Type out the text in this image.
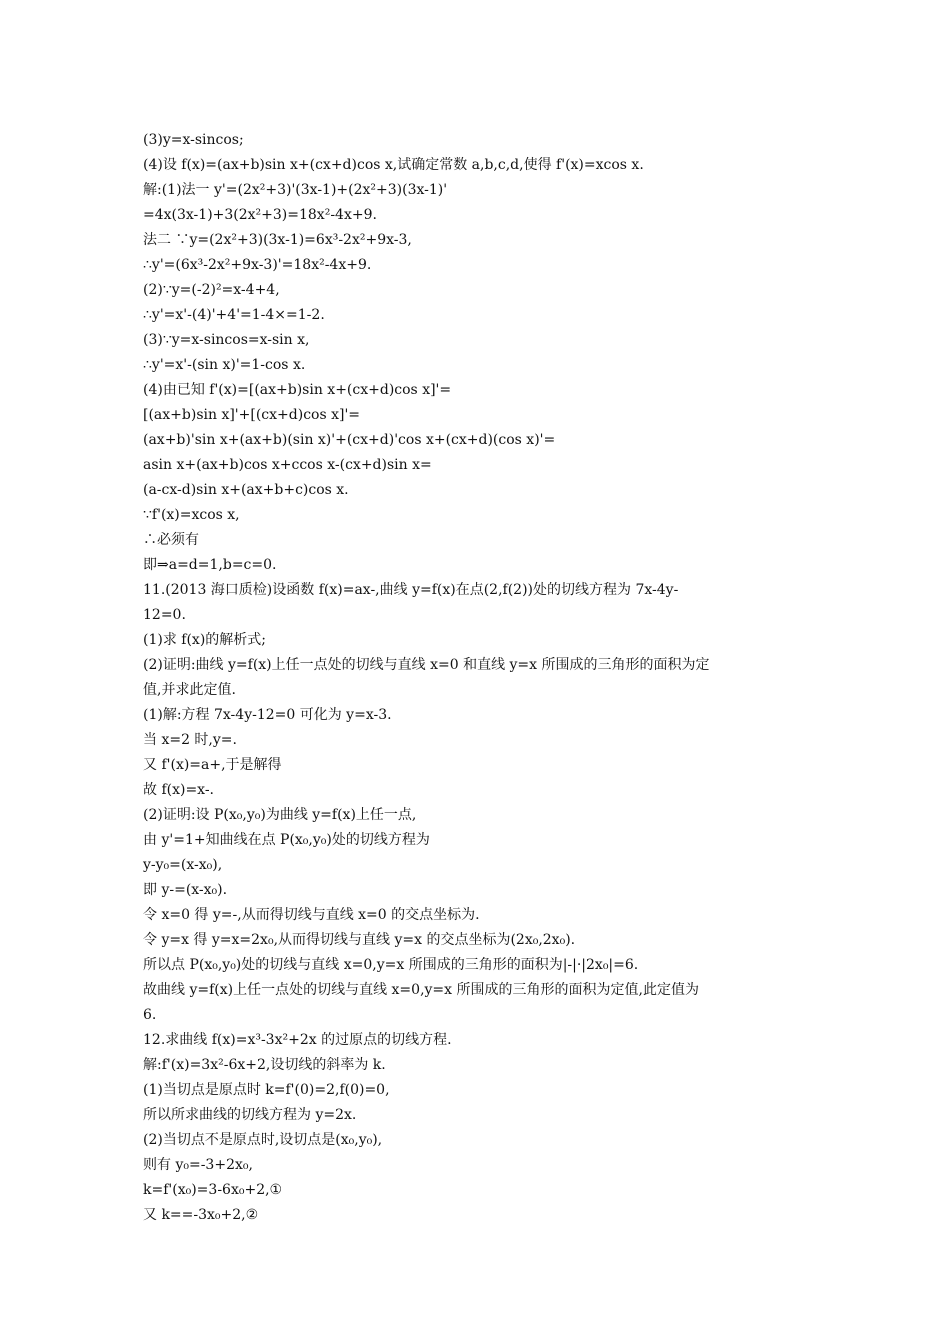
(3)y=x-sincos;
(4)设 f(x)=(ax+b)sin x+(cx+d)cos x,试确定常数 a,b,c,d,使得 f'(x)=xcos x.
解:(1)法一 y'=(2x²+3)'(3x-1)+(2x²+3)(3x-1)'
=4x(3x-1)+3(2x²+3)=18x²-4x+9.
法二 ∵y=(2x²+3)(3x-1)=6x³-2x²+9x-3,
∴y'=(6x³-2x²+9x-3)'=18x²-4x+9.
(2)∵y=(-2)²=x-4+4,
∴y'=x'-(4)'+4'=1-4×=1-2.
(3)∵y=x-sincos=x-sin x,
∴y'=x'-(sin x)'=1-cos x.
(4)由已知 f'(x)=[(ax+b)sin x+(cx+d)cos x]'=
[(ax+b)sin x]'+[(cx+d)cos x]'=
(ax+b)'sin x+(ax+b)(sin x)'+(cx+d)'cos x+(cx+d)(cos x)'=
asin x+(ax+b)cos x+ccos x-(cx+d)sin x=
(a-cx-d)sin x+(ax+b+c)cos x.
∵f'(x)=xcos x,
∴必须有
即⇒a=d=1,b=c=0.
11.(2013 海口质检)设函数 f(x)=ax-,曲线 y=f(x)在点(2,f(2))处的切线方程为 7x-4y-
12=0.
(1)求 f(x)的解析式;
(2)证明:曲线 y=f(x)上任一点处的切线与直线 x=0 和直线 y=x 所围成的三角形的面积为定
值,并求此定值.
(1)解:方程 7x-4y-12=0 可化为 y=x-3.
当 x=2 时,y=.
又 f'(x)=a+,于是解得
故 f(x)=x-.
(2)证明:设 P(x₀,y₀)为曲线 y=f(x)上任一点,
由 y'=1+知曲线在点 P(x₀,y₀)处的切线方程为
y-y₀=(x-x₀),
即 y-=(x-x₀).
令 x=0 得 y=-,从而得切线与直线 x=0 的交点坐标为.
令 y=x 得 y=x=2x₀,从而得切线与直线 y=x 的交点坐标为(2x₀,2x₀).
所以点 P(x₀,y₀)处的切线与直线 x=0,y=x 所围成的三角形的面积为|-|·|2x₀|=6.
故曲线 y=f(x)上任一点处的切线与直线 x=0,y=x 所围成的三角形的面积为定值,此定值为
6.
12.求曲线 f(x)=x³-3x²+2x 的过原点的切线方程.
解:f'(x)=3x²-6x+2,设切线的斜率为 k.
(1)当切点是原点时 k=f'(0)=2,f(0)=0,
所以所求曲线的切线方程为 y=2x.
(2)当切点不是原点时,设切点是(x₀,y₀),
则有 y₀=-3+2x₀,
k=f'(x₀)=3-6x₀+2,①
又 k==-3x₀+2,②
